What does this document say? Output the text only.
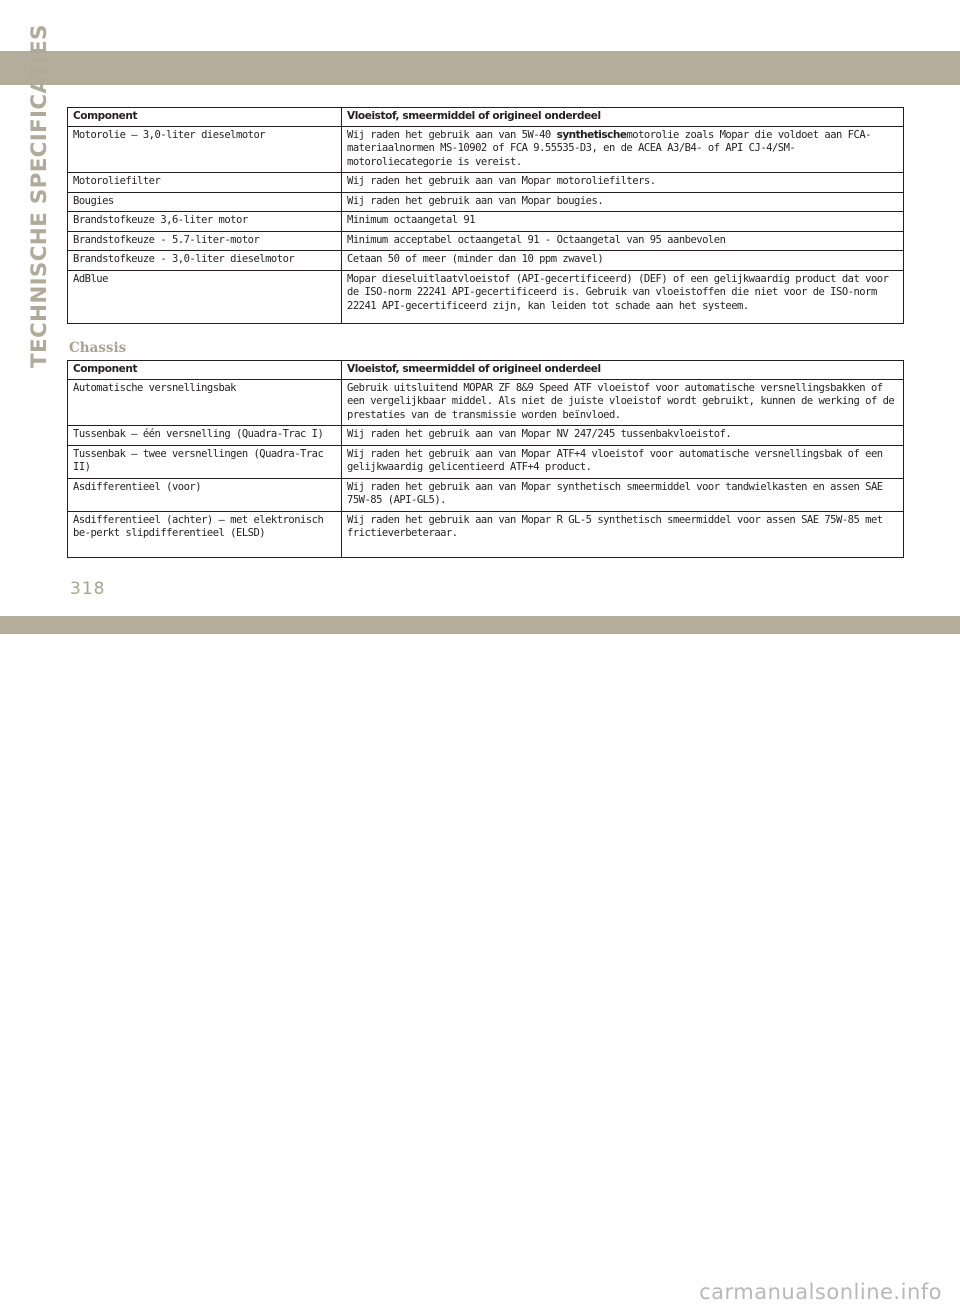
TECHNISCHE SPECIFICATIES Component	Vloeistof, smeermiddel of origineel onderdeel
Motorolie — 3,0-liter dieselmotor	Wij raden het gebruik aan van 5W-40 synthetischemotorolie zoals Mopar die voldoet aan FCA-materiaalnormen MS-10902 of FCA 9.55535-D3, en de ACEA A3/B4- of API CJ-4/SM-motoroliecategorie is vereist.
Motoroliefilter	Wij raden het gebruik aan van Mopar motoroliefilters.
Bougies	Wij raden het gebruik aan van Mopar bougies.
Brandstofkeuze 3,6-liter motor	Minimum octaangetal 91
Brandstofkeuze - 5.7-liter-motor	Minimum acceptabel octaangetal 91 - Octaangetal van 95 aanbevolen
Brandstofkeuze - 3,0-liter dieselmotor	Cetaan 50 of meer (minder dan 10 ppm zwavel)
AdBlue	Mopar dieseluitlaatvloeistof (API-gecertificeerd) (DEF) of een gelijkwaardig product dat voor de ISO-norm 22241 API-gecertificeerd is. Gebruik van vloeistoffen die niet voor de ISO-norm 22241 API-gecertificeerd zijn, kan leiden tot schade aan het systeem.
Chassis
Component	Vloeistof, smeermiddel of origineel onderdeel
Automatische versnellingsbak	Gebruik uitsluitend MOPAR ZF 8&9 Speed ATF vloeistof voor automatische versnellingsbakken of een vergelijkbaar middel. Als niet de juiste vloeistof wordt gebruikt, kunnen de werking of de prestaties van de transmissie worden beïnvloed.
Tussenbak – één versnelling (Quadra-Trac I)	Wij raden het gebruik aan van Mopar NV 247/245 tussenbakvloeistof.
Tussenbak – twee versnellingen (Quadra-Trac II)	Wij raden het gebruik aan van Mopar ATF+4 vloeistof voor automatische versnellingsbak of een gelijkwaardig gelicentieerd ATF+4 product.
Asdifferentieel (voor)	Wij raden het gebruik aan van Mopar synthetisch smeermiddel voor tandwielkasten en assen SAE 75W-85 (API-GL5).
Asdifferentieel (achter) – met elektronisch be-perkt slipdifferentieel (ELSD)	Wij raden het gebruik aan van Mopar R GL-5 synthetisch smeermiddel voor assen SAE 75W-85 met frictieverbeteraar.
318
carmanualsonline.info
